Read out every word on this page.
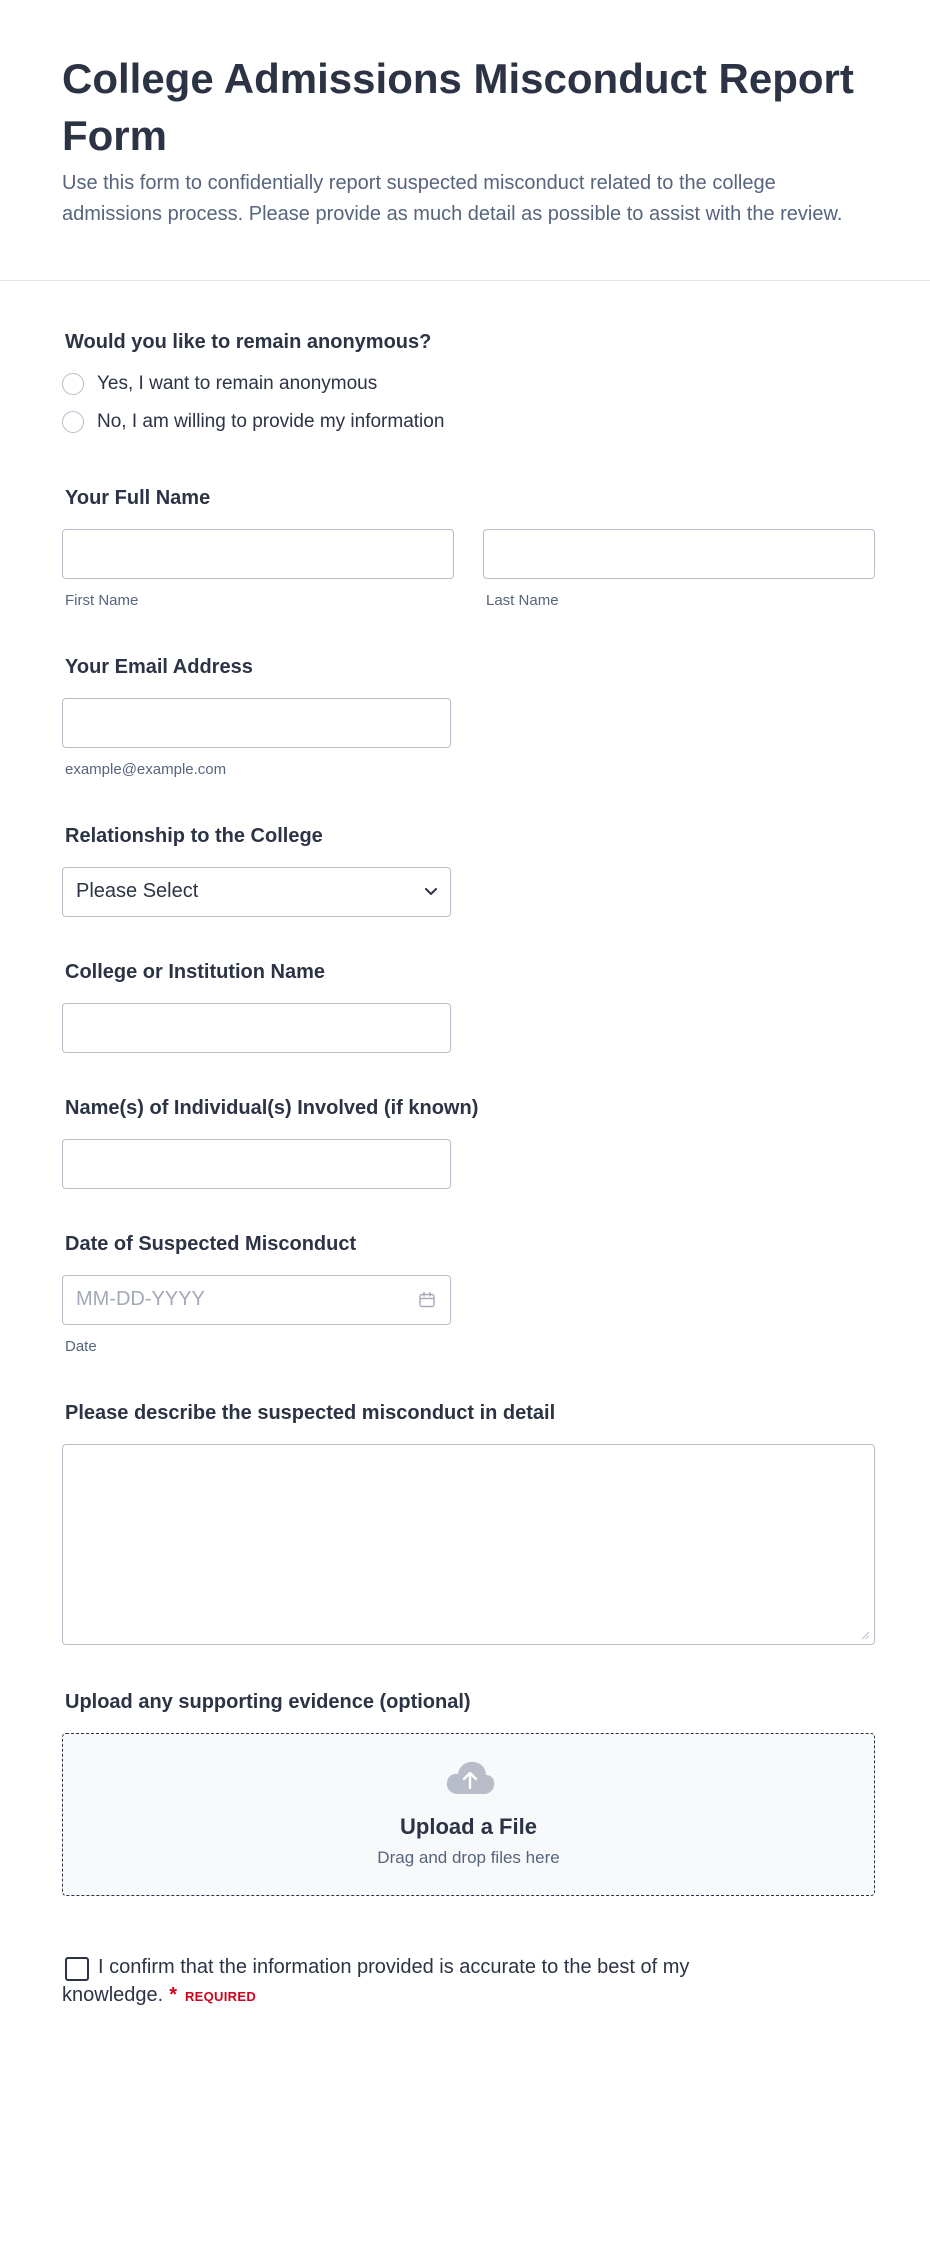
College Admissions Misconduct Report Form

Use this form to confidentially report suspected misconduct related to the college admissions process. Please provide as much detail as possible to assist with the review.

Would you like to remain anonymous?
Yes, I want to remain anonymous
No, I am willing to provide my information
Your Full Name
First Name	Last Name
Your Email Address
example@example.com
Relationship to the College
Please Select
College or Institution Name
Name(s) of Individual(s) Involved (if known)
Date of Suspected Misconduct
MM-DD-YYYY
Date
Please describe the suspected misconduct in detail
Upload any supporting evidence (optional)
Upload a File
Drag and drop files here
I confirm that the information provided is accurate to the best of my knowledge. * REQUIRED
